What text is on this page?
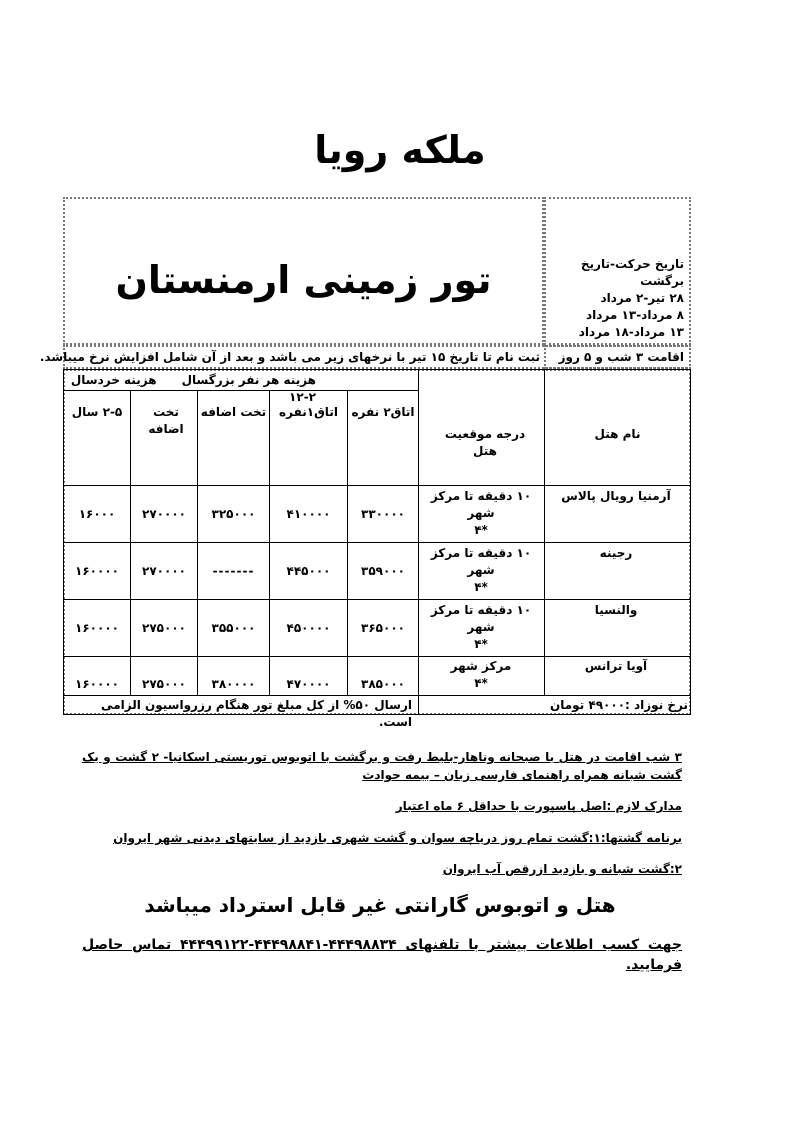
ملکه رویا
تور زمینی ارمنستان	تاریخ حرکت-تاریخ برگشت
۲۸ تیر-۲ مرداد
۸ مرداد-۱۳ مرداد
۱۳ مرداد-۱۸ مرداد
اقامت ۳ شب و ۵ روز
ثبت نام تا تاریخ ۱۵ تیر با نرخهای زیر می باشد و بعد از آن شامل افزایش نرخ میباشد.
نام هتل
درجه موقعیت هتل
هزینه هر نفر بزرگسال      هزینه خردسال ۲-۱۲
اتاق۲ نفره
اتاق۱نفره
تخت اضافه
تخت اضافه
۲-۵ سال
آرمنیا رویال پالاس
۱۰ دقیقه تا مرکز شهر
*۴
۳۳۰۰۰۰
۴۱۰۰۰۰
۳۲۵۰۰۰
۲۷۰۰۰۰
۱۶۰۰۰
رجینه
۱۰ دقیقه تا مرکز شهر
*۴
۳۵۹۰۰۰
۴۴۵۰۰۰
-------
۲۷۰۰۰۰
۱۶۰۰۰۰
والنسیا
۱۰ دقیقه تا مرکز شهر
*۴
۳۶۵۰۰۰
۴۵۰۰۰۰
۳۵۵۰۰۰
۲۷۵۰۰۰
۱۶۰۰۰۰
آویا ترانس
مرکز شهر
*۴
۳۸۵۰۰۰
۴۷۰۰۰۰
۳۸۰۰۰۰
۲۷۵۰۰۰
۱۶۰۰۰۰
نرخ نوزاد :۴۹۰۰۰ تومان
ارسال ۵۰% از کل مبلغ تور هنگام رزرواسیون الزامی است.
۳ شب اقامت در هتل با صبحانه وناهار-بلیط رفت و برگشت با اتوبوس توریستی اسکانیا- ۲ گشت و یک گشت شبانه همراه راهنمای فارسی زبان – بیمه حوادث
مدارک لازم :اصل پاسپورت با حداقل ۶ ماه اعتبار
برنامه گشتها:۱:گشت تمام روز دریاچه سوان و گشت شهری بازدید از سایتهای دیدنی شهر ایروان
۲:گشت شبانه و بازدید ازرقص آب ایروان
هتل و اتوبوس گارانتی غیر قابل استرداد میباشد
جهت کسب اطلاعات بیشتر با تلفنهای ۴۴۴۹۸۸۳۴-۴۴۴۹۸۸۴۱-۴۴۴۹۹۱۲۲ تماس حاصل فرمایید.
